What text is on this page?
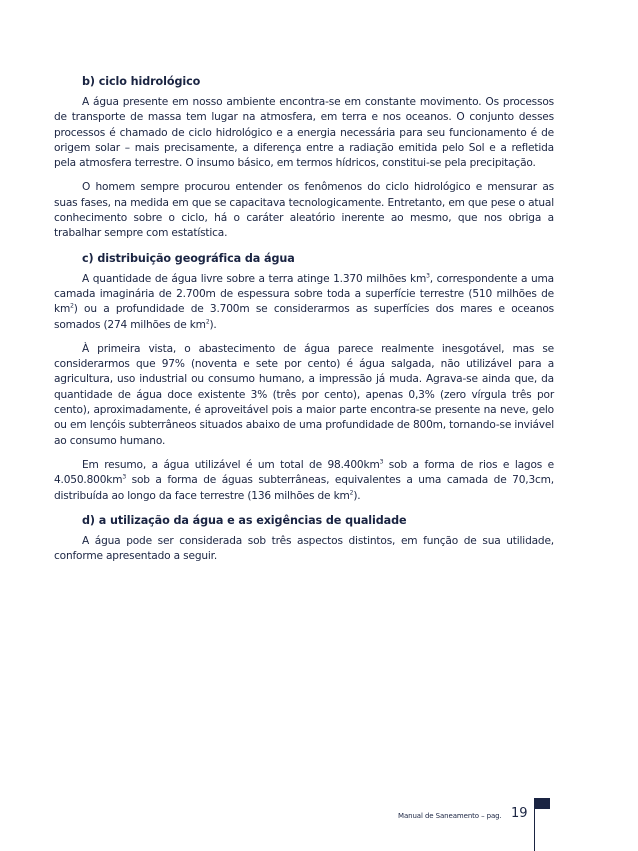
b) ciclo hidrológico

A água presente em nosso ambiente encontra-se em constante movimento. Os processos de transporte de massa tem lugar na atmosfera, em terra e nos oceanos. O conjunto desses processos é chamado de ciclo hidrológico e a energia necessária para seu funcionamento é de origem solar – mais precisamente, a diferença entre a radiação emitida pelo Sol e a refletida pela atmosfera terrestre. O insumo básico, em termos hídricos, constitui-se pela precipitação.

O homem sempre procurou entender os fenômenos do ciclo hidrológico e mensurar as suas fases, na medida em que se capacitava tecnologicamente. Entretanto, em que pese o atual conhecimento sobre o ciclo, há o caráter aleatório inerente ao mesmo, que nos obriga a trabalhar sempre com estatística.

c) distribuição geográfica da água

A quantidade de água livre sobre a terra atinge 1.370 milhões $km^3$, correspondente a uma camada imaginária de 2.700m de espessura sobre toda a superfície terrestre (510 milhões de $km^2$) ou a profundidade de 3.700m se considerarmos as superfícies dos mares e oceanos somados (274 milhões de $km^2$).

À primeira vista, o abastecimento de água parece realmente inesgotável, mas se considerarmos que 97% (noventa e sete por cento) é água salgada, não utilizável para a agricultura, uso industrial ou consumo humano, a impressão já muda. Agrava-se ainda que, da quantidade de água doce existente 3% (três por cento), apenas 0,3% (zero vírgula três por cento), aproximadamente, é aproveitável pois a maior parte encontra-se presente na neve, gelo ou em lençóis subterrâneos situados abaixo de uma profundidade de 800m, tornando-se inviável ao consumo humano.

Em resumo, a água utilizável é um total de $98.400km^3$ sob a forma de rios e lagos e $4.050.800km^3$ sob a forma de águas subterrâneas, equivalentes a uma camada de 70,3cm, distribuída ao longo da face terrestre (136 milhões de $km^2$).

d) a utilização da água e as exigências de qualidade

A água pode ser considerada sob três aspectos distintos, em função de sua utilidade, conforme apresentado a seguir.

Manual de Saneamento – pag. 19
